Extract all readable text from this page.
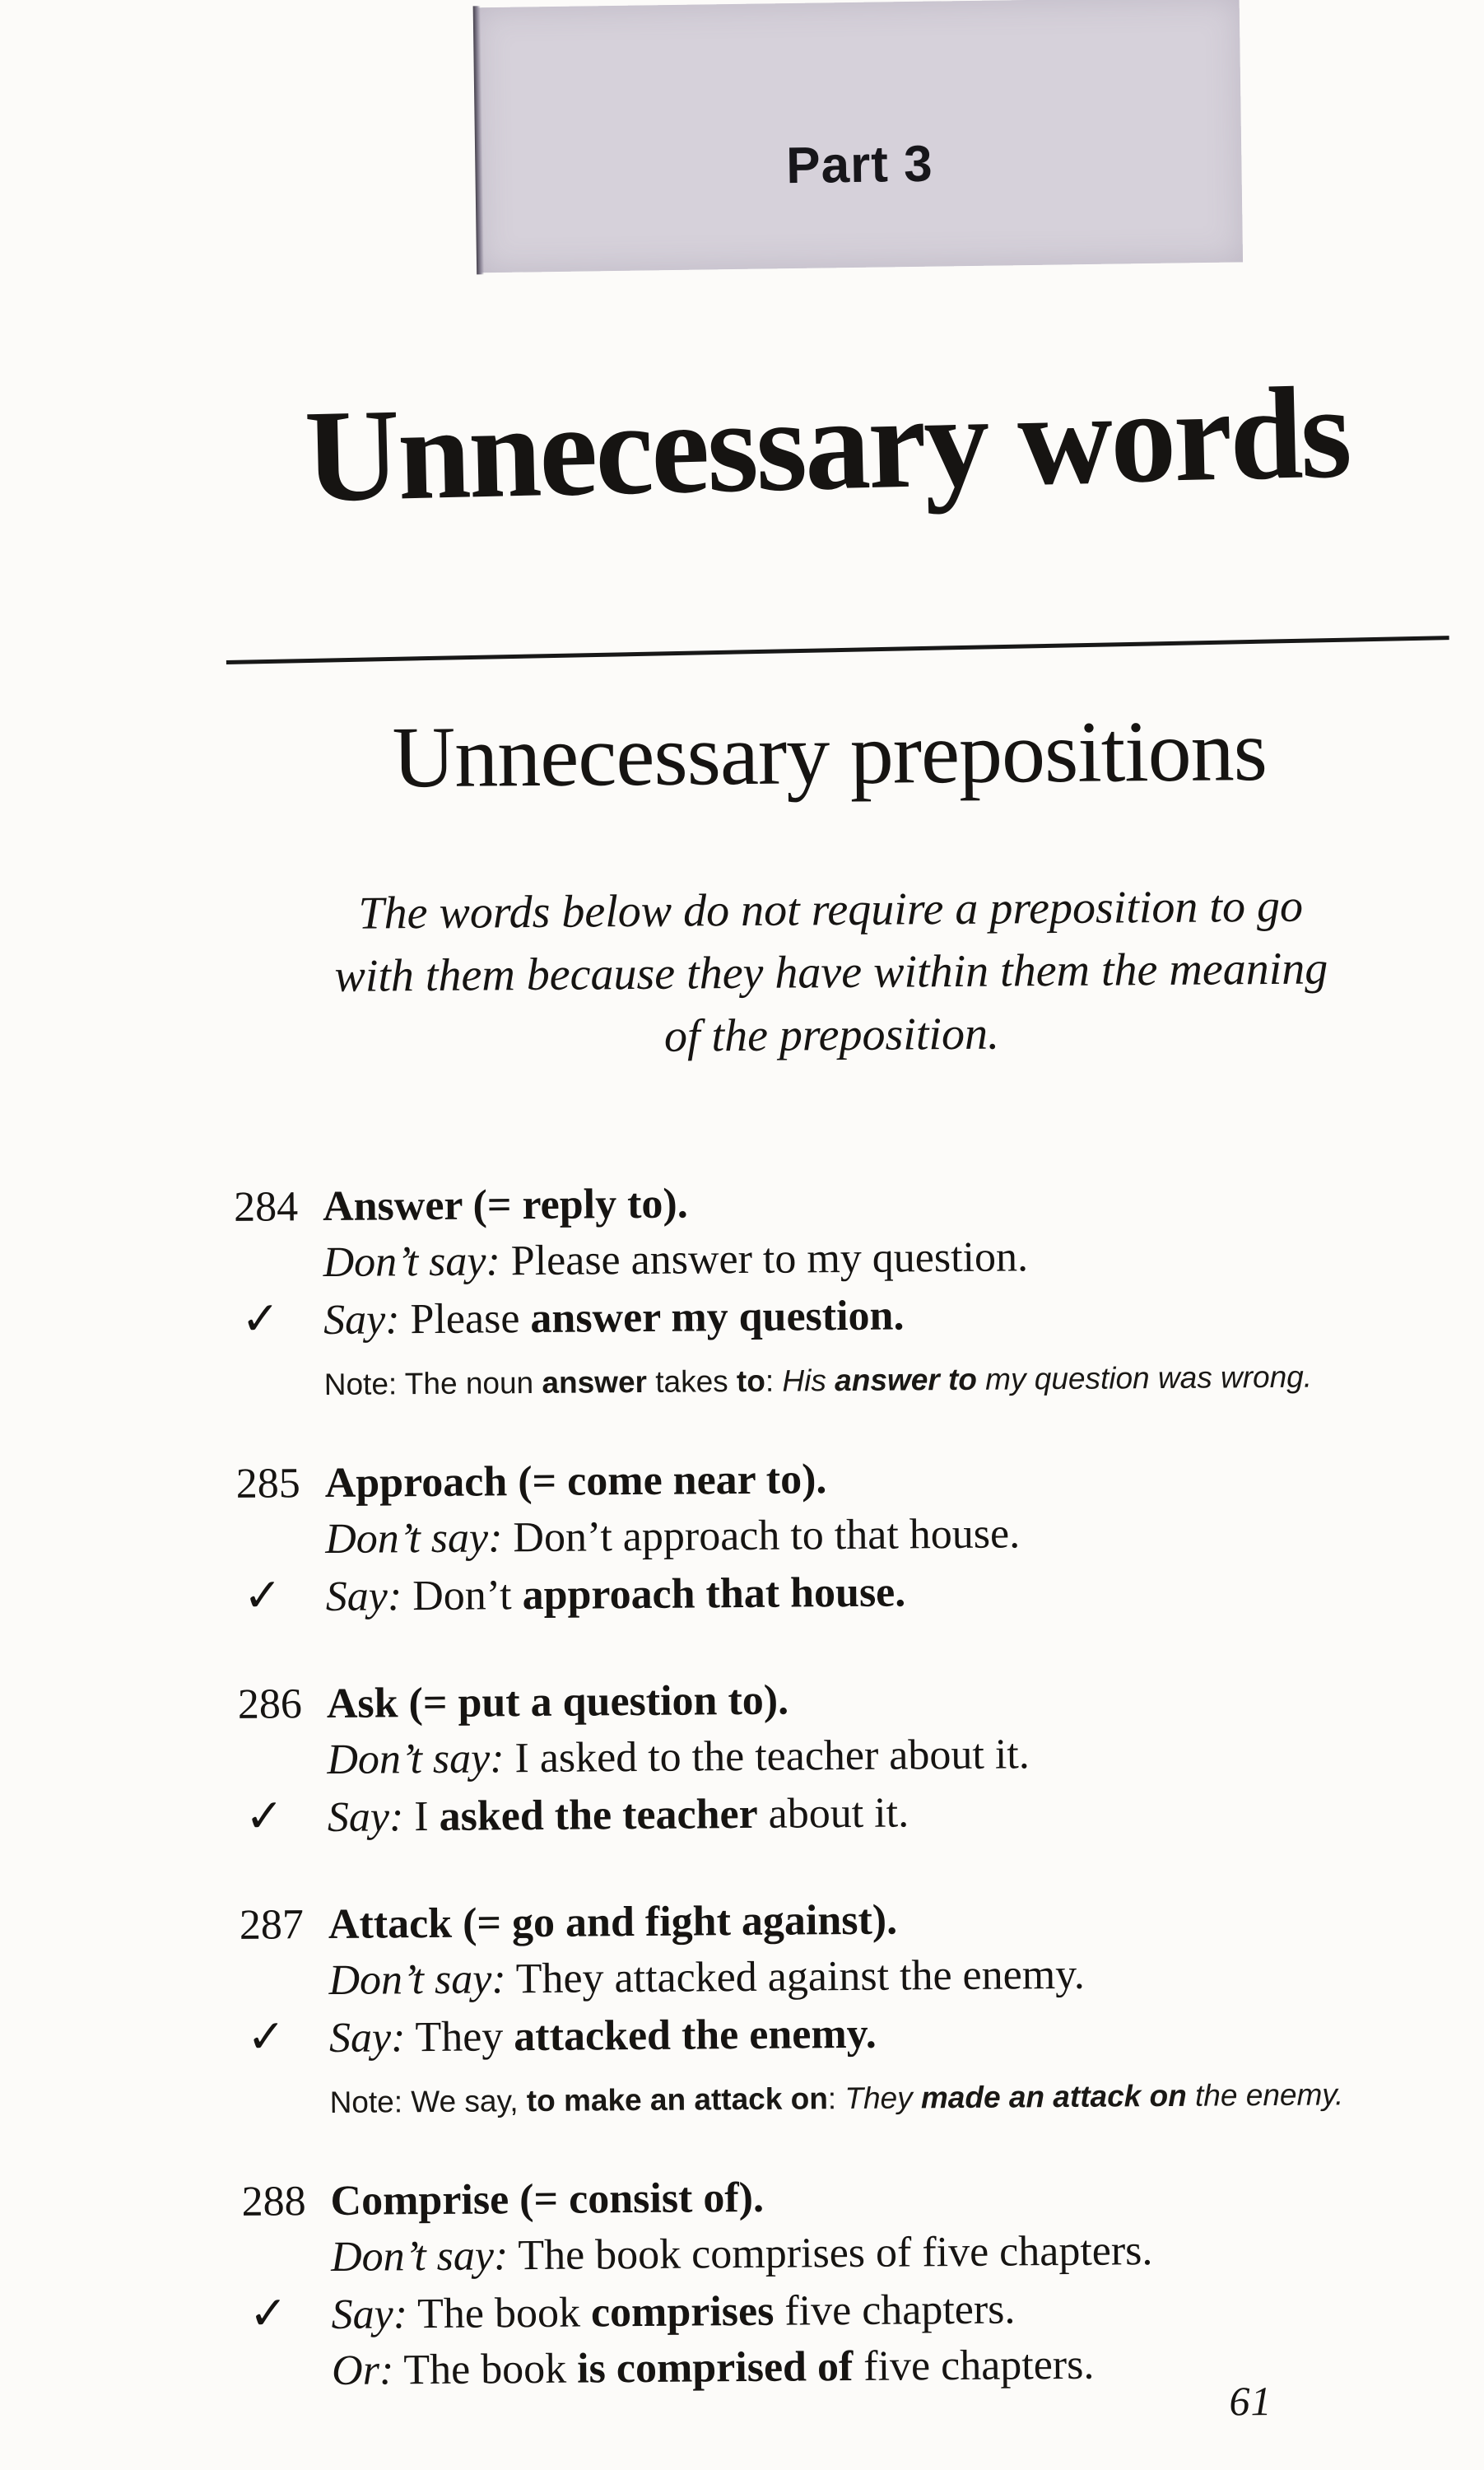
Part 3
Unnecessary words
Unnecessary prepositions
The words below do not require a preposition to go
with them because they have within them the meaning
of the preposition.
284 Answer (= reply to).
Don’t say: Please answer to my question.
✓	Say: Please answer my question.
Note: The noun answer takes to: His answer to my question was wrong.
285 Approach (= come near to).
Don’t say: Don’t approach to that house.
✓	Say: Don’t approach that house.
286 Ask (= put a question to).
Don’t say: I asked to the teacher about it.
✓	Say: I asked the teacher about it.
287 Attack (= go and fight against).
Don’t say: They attacked against the enemy.
✓	Say: They attacked the enemy.
Note: We say, to make an attack on: They made an attack on the enemy.
288 Comprise (= consist of).
Don’t say: The book comprises of five chapters.
✓	Say: The book comprises five chapters.
Or: The book is comprised of five chapters.
61
